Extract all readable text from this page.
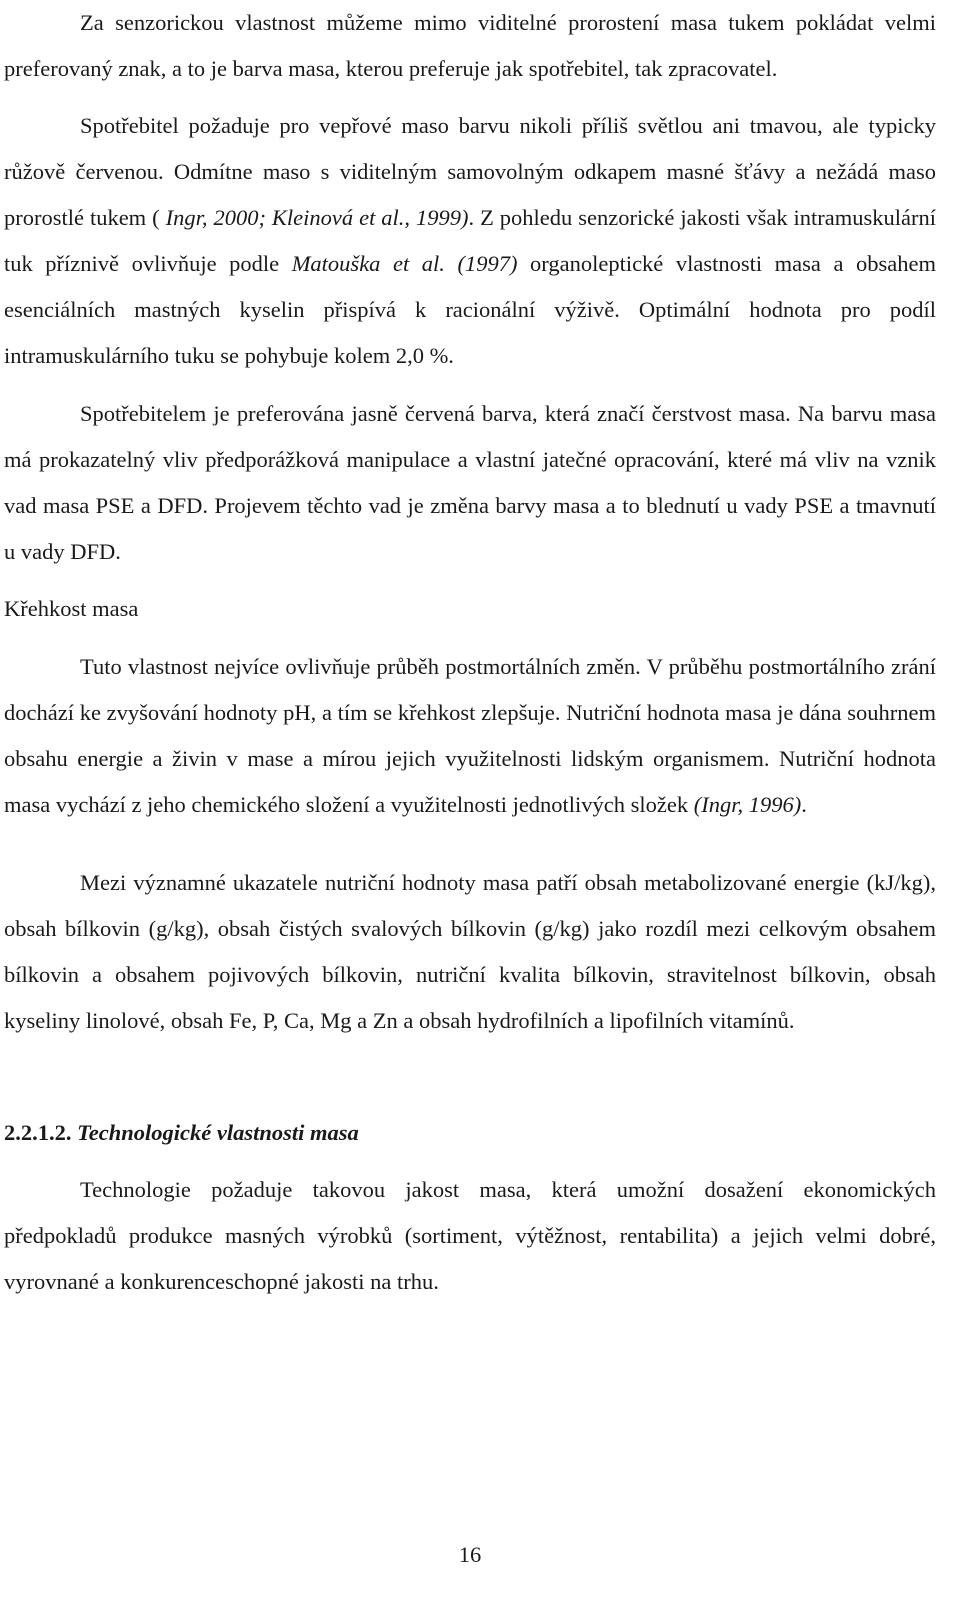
Za senzorickou vlastnost můžeme mimo viditelné prorostení masa tukem pokládat velmi preferovaný znak, a to je barva masa, kterou preferuje jak spotřebitel, tak zpracovatel.

Spotřebitel požaduje pro vepřové maso barvu nikoli příliš světlou ani tmavou, ale typicky růžově červenou. Odmítne maso s viditelným samovolným odkapem masné šťávy a nežádá maso prorostlé tukem ( Ingr, 2000; Kleinová et al., 1999). Z pohledu senzorické jakosti však intramuskulární tuk příznivě ovlivňuje podle Matouška et al. (1997) organoleptické vlastnosti masa a obsahem esenciálních mastných kyselin přispívá k racionální výživě. Optimální hodnota pro podíl intramuskulárního tuku se pohybuje kolem 2,0 %.

Spotřebitelem je preferována jasně červená barva, která značí čerstvost masa. Na barvu masa má prokazatelný vliv předporážková manipulace a vlastní jatečné opracování, které má vliv na vznik vad masa PSE a DFD. Projevem těchto vad je změna barvy masa a to blednutí u vady PSE a tmavnutí u vady DFD.

Křehkost masa

Tuto vlastnost nejvíce ovlivňuje průběh postmortálních změn. V průběhu postmortálního zrání dochází ke zvyšování hodnoty pH, a tím se křehkost zlepšuje. Nutriční hodnota masa je dána souhrnem obsahu energie a živin v mase a mírou jejich využitelnosti lidským organismem. Nutriční hodnota masa vychází z jeho chemického složení a využitelnosti jednotlivých složek (Ingr, 1996).

Mezi významné ukazatele nutriční hodnoty masa patří obsah metabolizované energie (kJ/kg), obsah bílkovin (g/kg), obsah čistých svalových bílkovin (g/kg) jako rozdíl mezi celkovým obsahem bílkovin a obsahem pojivových bílkovin, nutriční kvalita bílkovin, stravitelnost bílkovin, obsah kyseliny linolové, obsah Fe, P, Ca, Mg a Zn a obsah hydrofilních a lipofilních vitamínů.

2.2.1.2. Technologické vlastnosti masa

Technologie požaduje takovou jakost masa, která umožní dosažení ekonomických předpokladů produkce masných výrobků (sortiment, výtěžnost, rentabilita) a jejich velmi dobré, vyrovnané a konkurenceschopné jakosti na trhu.

16
